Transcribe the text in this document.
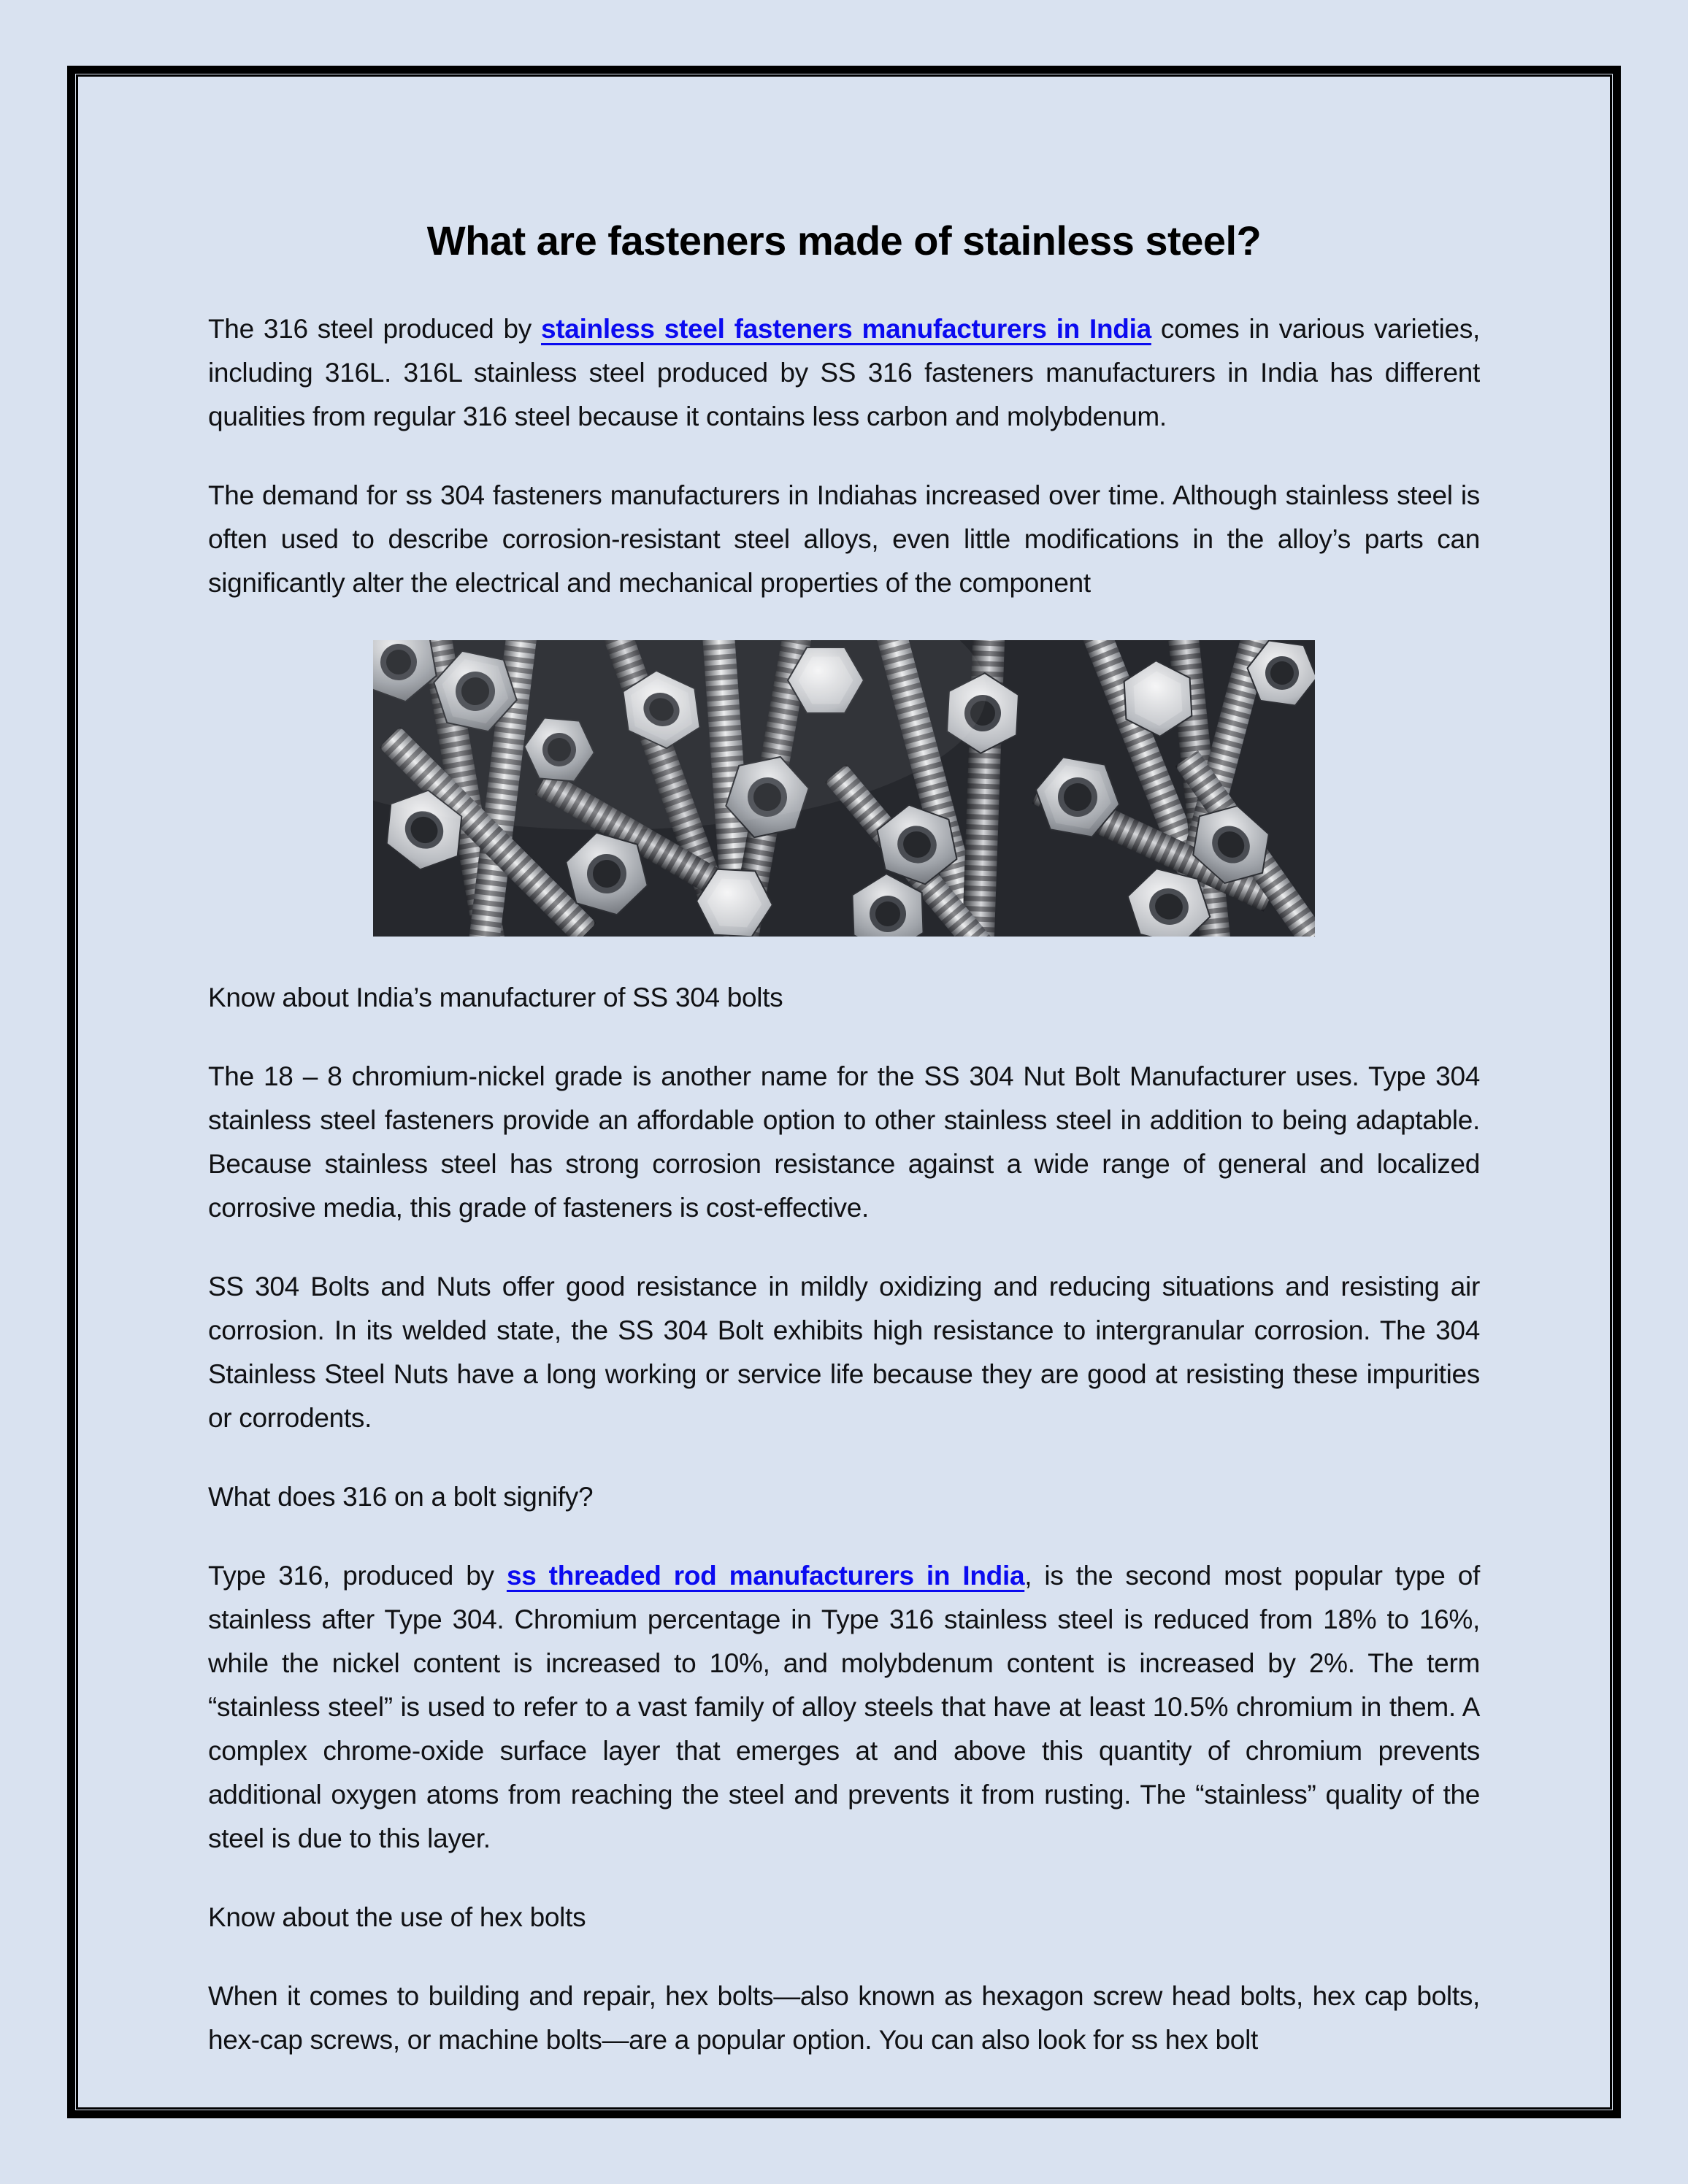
What are fasteners made of stainless steel?

The 316 steel produced by stainless steel fasteners manufacturers in India comes in various varieties, including 316L. 316L stainless steel produced by SS 316 fasteners manufacturers in India has different qualities from regular 316 steel because it contains less carbon and molybdenum.

The demand for ss 304 fasteners manufacturers in Indiahas increased over time. Although stainless steel is often used to describe corrosion-resistant steel alloys, even little modifications in the alloy’s parts can significantly alter the electrical and mechanical properties of the component

Know about India’s manufacturer of SS 304 bolts

The 18 – 8 chromium-nickel grade is another name for the SS 304 Nut Bolt Manufacturer uses. Type 304 stainless steel fasteners provide an affordable option to other stainless steel in addition to being adaptable. Because stainless steel has strong corrosion resistance against a wide range of general and localized corrosive media, this grade of fasteners is cost-effective.

SS 304 Bolts and Nuts offer good resistance in mildly oxidizing and reducing situations and resisting air corrosion. In its welded state, the SS 304 Bolt exhibits high resistance to intergranular corrosion. The 304 Stainless Steel Nuts have a long working or service life because they are good at resisting these impurities or corrodents.

What does 316 on a bolt signify?

Type 316, produced by ss threaded rod manufacturers in India, is the second most popular type of stainless after Type 304. Chromium percentage in Type 316 stainless steel is reduced from 18% to 16%, while the nickel content is increased to 10%, and molybdenum content is increased by 2%. The term “stainless steel” is used to refer to a vast family of alloy steels that have at least 10.5% chromium in them. A complex chrome-oxide surface layer that emerges at and above this quantity of chromium prevents additional oxygen atoms from reaching the steel and prevents it from rusting. The “stainless” quality of the steel is due to this layer.

Know about the use of hex bolts

When it comes to building and repair, hex bolts—also known as hexagon screw head bolts, hex cap bolts, hex-cap screws, or machine bolts—are a popular option. You can also look for ss hex bolt
